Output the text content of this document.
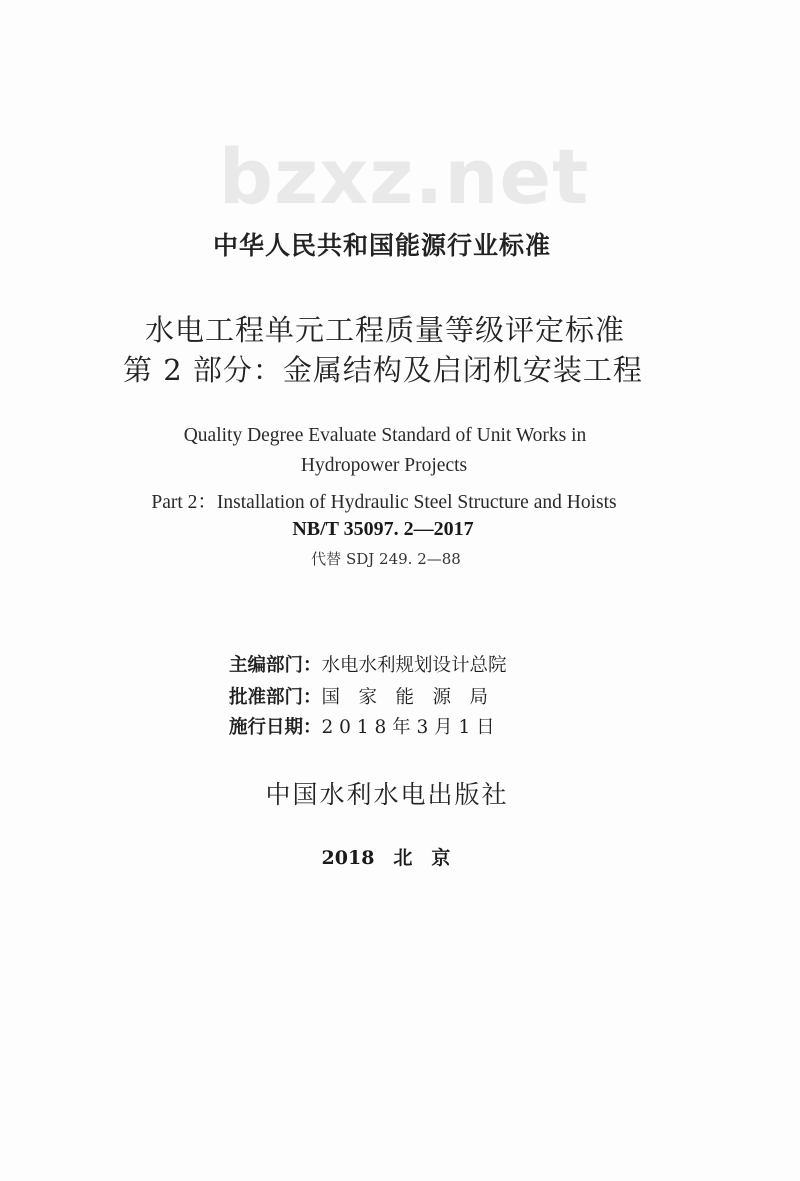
bzxz.net
中华人民共和国能源行业标准
水电工程单元工程质量等级评定标准
第 2 部分：金属结构及启闭机安装工程
Quality Degree Evaluate Standard of Unit Works in
Hydropower Projects
Part 2：Installation of Hydraulic Steel Structure and Hoists
NB/T 35097. 2—2017
代替 SDJ 249. 2—88
主编部门：水电水利规划设计总院
批准部门：国　家　能　源　局
施行日期：2 0 1 8 年 3 月 1 日
中国水利水电出版社
2018　北　京
